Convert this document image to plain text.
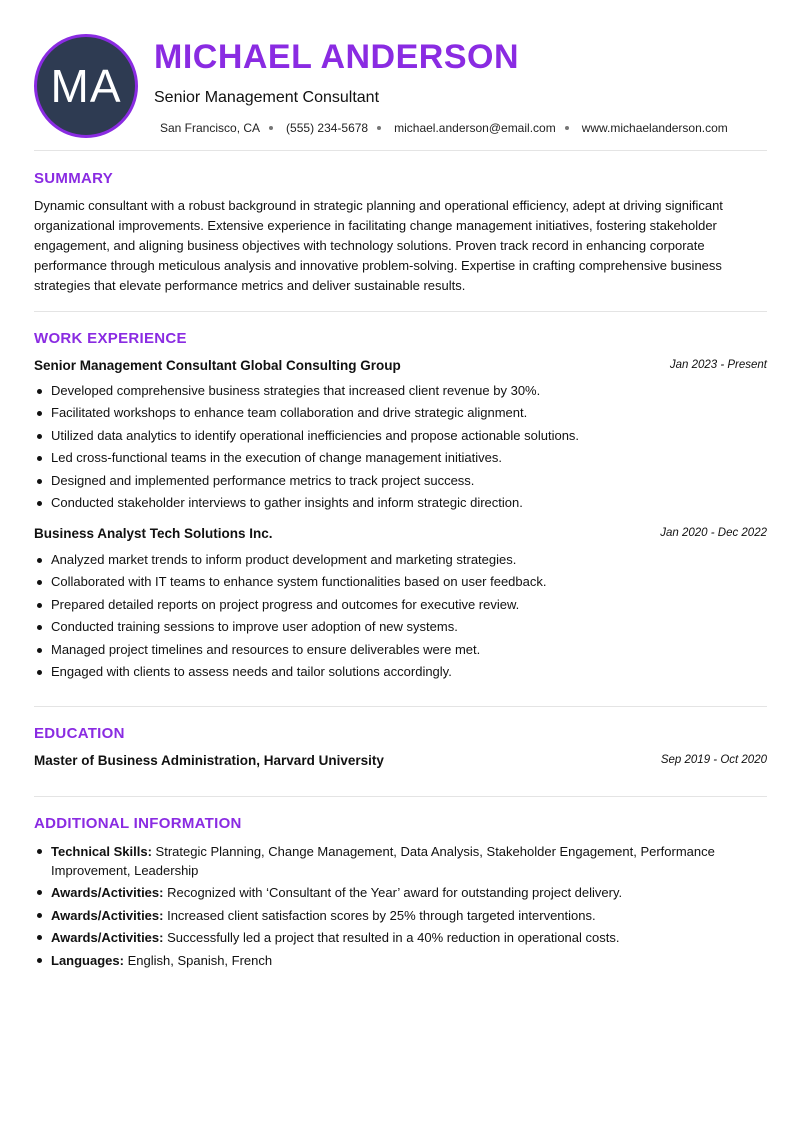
MA
MICHAEL ANDERSON
Senior Management Consultant
San Francisco, CA (555) 234-5678 michael.anderson@email.com www.michaelanderson.com
SUMMARY

Dynamic consultant with a robust background in strategic planning and operational efficiency, adept at driving significant organizational improvements. Extensive experience in facilitating change management initiatives, fostering stakeholder engagement, and aligning business objectives with technology solutions. Proven track record in enhancing corporate performance through meticulous analysis and innovative problem-solving. Expertise in crafting comprehensive business strategies that elevate performance metrics and deliver sustainable results.

WORK EXPERIENCE
Senior Management Consultant Global Consulting Group	Jan 2023 - Present
Developed comprehensive business strategies that increased client revenue by 30%.
Facilitated workshops to enhance team collaboration and drive strategic alignment.
Utilized data analytics to identify operational inefficiencies and propose actionable solutions.
Led cross-functional teams in the execution of change management initiatives.
Designed and implemented performance metrics to track project success.
Conducted stakeholder interviews to gather insights and inform strategic direction.
Business Analyst Tech Solutions Inc.	Jan 2020 - Dec 2022
Analyzed market trends to inform product development and marketing strategies.
Collaborated with IT teams to enhance system functionalities based on user feedback.
Prepared detailed reports on project progress and outcomes for executive review.
Conducted training sessions to improve user adoption of new systems.
Managed project timelines and resources to ensure deliverables were met.
Engaged with clients to assess needs and tailor solutions accordingly.
EDUCATION
Master of Business Administration, Harvard University	Sep 2019 - Oct 2020
ADDITIONAL INFORMATION
Technical Skills: Strategic Planning, Change Management, Data Analysis, Stakeholder Engagement, Performance Improvement, Leadership
Awards/Activities: Recognized with ‘Consultant of the Year’ award for outstanding project delivery.
Awards/Activities: Increased client satisfaction scores by 25% through targeted interventions.
Awards/Activities: Successfully led a project that resulted in a 40% reduction in operational costs.
Languages: English, Spanish, French
